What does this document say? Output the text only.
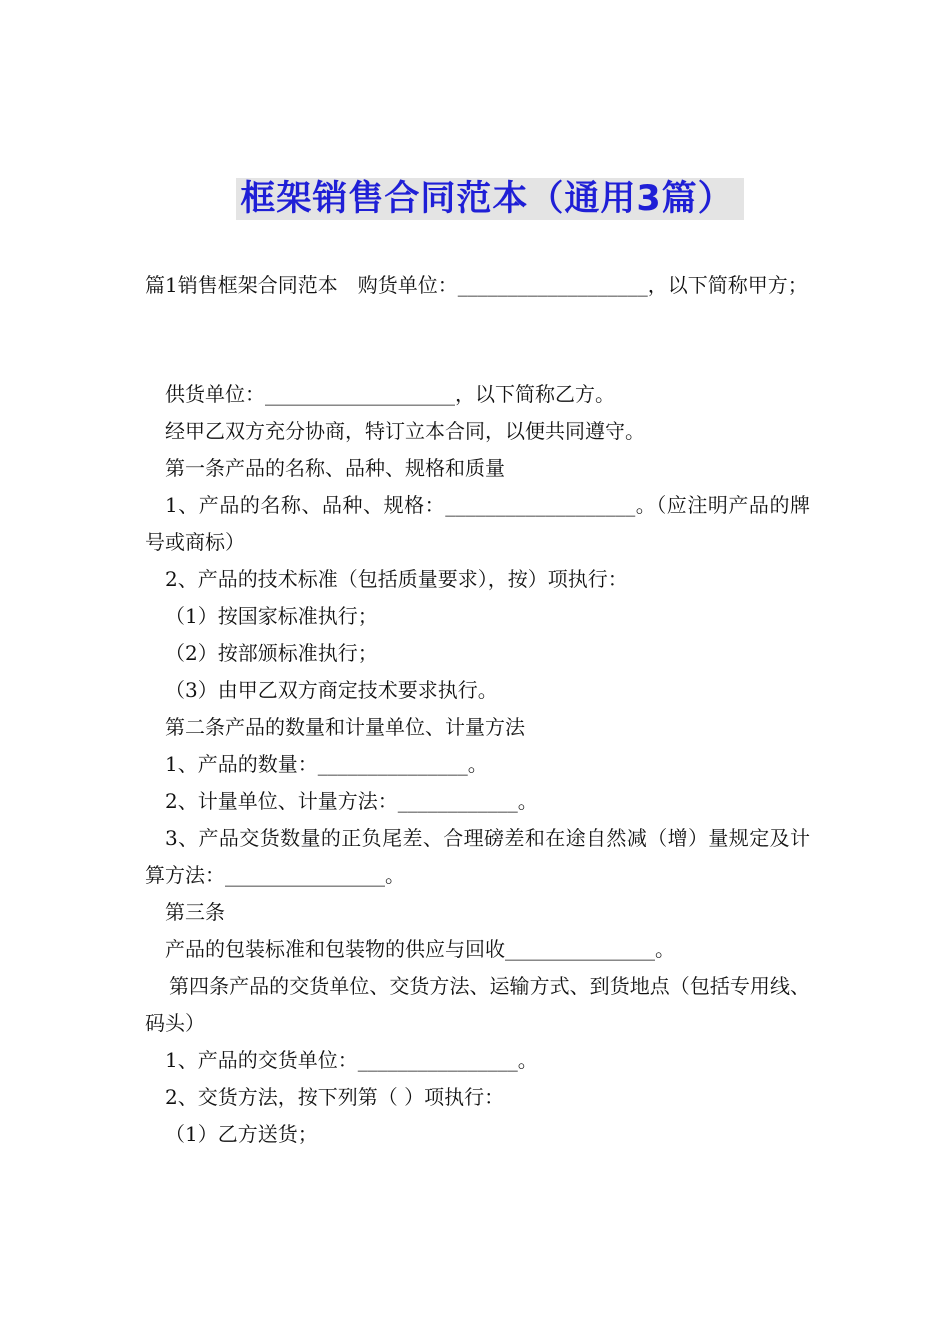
框架销售合同范本（通用3篇）

篇1销售框架合同范本　购货单位：___________________，以下简称甲方；

供货单位：___________________，以下简称乙方。

经甲乙双方充分协商，特订立本合同，以便共同遵守。

第一条产品的名称、品种、规格和质量

1、产品的名称、品种、规格：___________________。（应注明产品的牌号或商标）

2、产品的技术标准（包括质量要求），按）项执行：

（1）按国家标准执行；

（2）按部颁标准执行；

（3）由甲乙双方商定技术要求执行。

第二条产品的数量和计量单位、计量方法

1、产品的数量：_______________。

2、计量单位、计量方法：____________。

3、产品交货数量的正负尾差、合理磅差和在途自然减（增）量规定及计算方法：________________。

第三条

产品的包装标准和包装物的供应与回收_______________。

第四条产品的交货单位、交货方法、运输方式、到货地点（包括专用线、码头）

1、产品的交货单位：________________。

2、交货方法，按下列第（ ）项执行：

（1）乙方送货；
